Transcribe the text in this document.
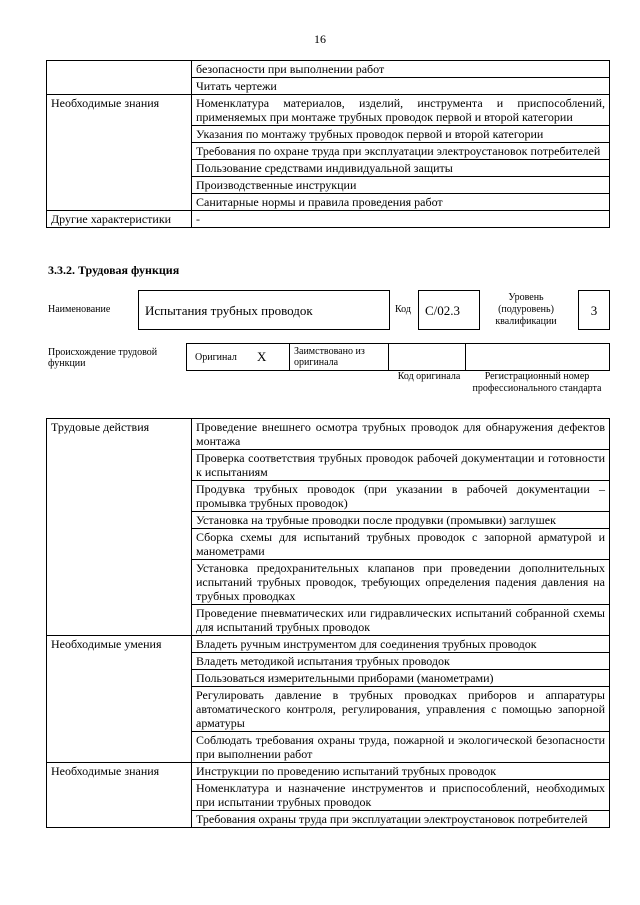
16
	безопасности при выполнении работ
	Читать чертежи
Необходимые знания	Номенклатура материалов, изделий, инструмента и приспособлений, применяемых при монтаже трубных проводок первой и второй категории
	Указания по монтажу трубных проводок первой и второй категории
	Требования по охране труда при эксплуатации электроустановок потребителей
	Пользование средствами индивидуальной защиты
	Производственные инструкции
	Санитарные нормы и правила проведения работ
Другие характеристики	-
3.3.2. Трудовая функция
Наименование	Испытания трубных проводок	Код	C/02.3
Уровень (подуровень) квалификации
3
Происхождение трудовой функции
Оригинал X	Заимствовано из оригинала
Код оригинала	Регистрационный номер профессионального стандарта
Трудовые действия	Проведение внешнего осмотра трубных проводок для обнаружения дефектов монтажа
	Проверка соответствия трубных проводок рабочей документации и готовности к испытаниям
	Продувка трубных проводок (при указании в рабочей документации – промывка трубных проводок)
	Установка на трубные проводки после продувки (промывки) заглушек
	Сборка схемы для испытаний трубных проводок с запорной арматурой и манометрами
	Установка предохранительных клапанов при проведении дополнительных испытаний трубных проводок, требующих определения падения давления на трубных проводках
	Проведение пневматических или гидравлических испытаний собранной схемы для испытаний трубных проводок
Необходимые умения	Владеть ручным инструментом для соединения трубных проводок
	Владеть методикой испытания трубных проводок
	Пользоваться измерительными приборами (манометрами)
	Регулировать давление в трубных проводках приборов и аппаратуры автоматического контроля, регулирования, управления с помощью запорной арматуры
	Соблюдать требования охраны труда, пожарной и экологической безопасности при выполнении работ
Необходимые знания	Инструкции по проведению испытаний трубных проводок
	Номенклатура и назначение инструментов и приспособлений, необходимых при испытании трубных проводок
	Требования охраны труда при эксплуатации электроустановок потребителей
